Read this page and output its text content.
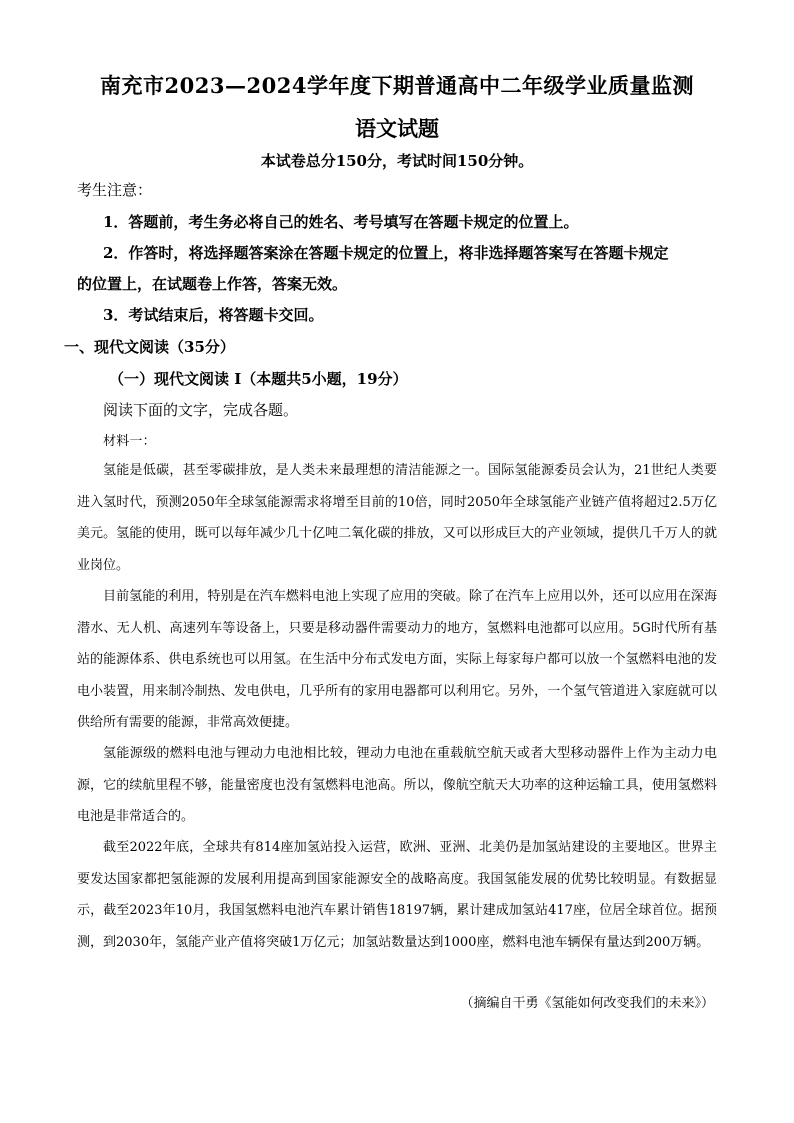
南充市2023—2024学年度下期普通高中二年级学业质量监测
语文试题
本试卷总分150分，考试时间150分钟。
考生注意：
1．答题前，考生务必将自己的姓名、考号填写在答题卡规定的位置上。
2．作答时，将选择题答案涂在答题卡规定的位置上，将非选择题答案写在答题卡规定
的位置上，在试题卷上作答，答案无效。
3．考试结束后，将答题卡交回。
一、现代文阅读（35分）
（一）现代文阅读 I（本题共5小题，19分）
阅读下面的文字，完成各题。
材料一：
氢能是低碳，甚至零碳排放，是人类未来最理想的清洁能源之一。国际氢能源委员会认为，21世纪人类要进入氢时代，预测2050年全球氢能源需求将增至目前的10倍，同时2050年全球氢能产业链产值将超过2.5万亿美元。氢能的使用，既可以每年减少几十亿吨二氧化碳的排放，又可以形成巨大的产业领域，提供几千万人的就业岗位。
目前氢能的利用，特别是在汽车燃料电池上实现了应用的突破。除了在汽车上应用以外，还可以应用在深海潜水、无人机、高速列车等设备上，只要是移动器件需要动力的地方，氢燃料电池都可以应用。5G时代所有基站的能源体系、供电系统也可以用氢。在生活中分布式发电方面，实际上每家每户都可以放一个氢燃料电池的发电小装置，用来制冷制热、发电供电，几乎所有的家用电器都可以利用它。另外，一个氢气管道进入家庭就可以供给所有需要的能源，非常高效便捷。
氢能源级的燃料电池与锂动力电池相比较，锂动力电池在重载航空航天或者大型移动器件上作为主动力电源，它的续航里程不够，能量密度也没有氢燃料电池高。所以，像航空航天大功率的这种运输工具，使用氢燃料电池是非常适合的。
截至2022年底，全球共有814座加氢站投入运营，欧洲、亚洲、北美仍是加氢站建设的主要地区。世界主要发达国家都把氢能源的发展利用提高到国家能源安全的战略高度。我国氢能发展的优势比较明显。有数据显示，截至2023年10月，我国氢燃料电池汽车累计销售18197辆，累计建成加氢站417座，位居全球首位。据预测，到2030年，氢能产业产值将突破1万亿元；加氢站数量达到1000座，燃料电池车辆保有量达到200万辆。
（摘编自干勇《氢能如何改变我们的未来》）
